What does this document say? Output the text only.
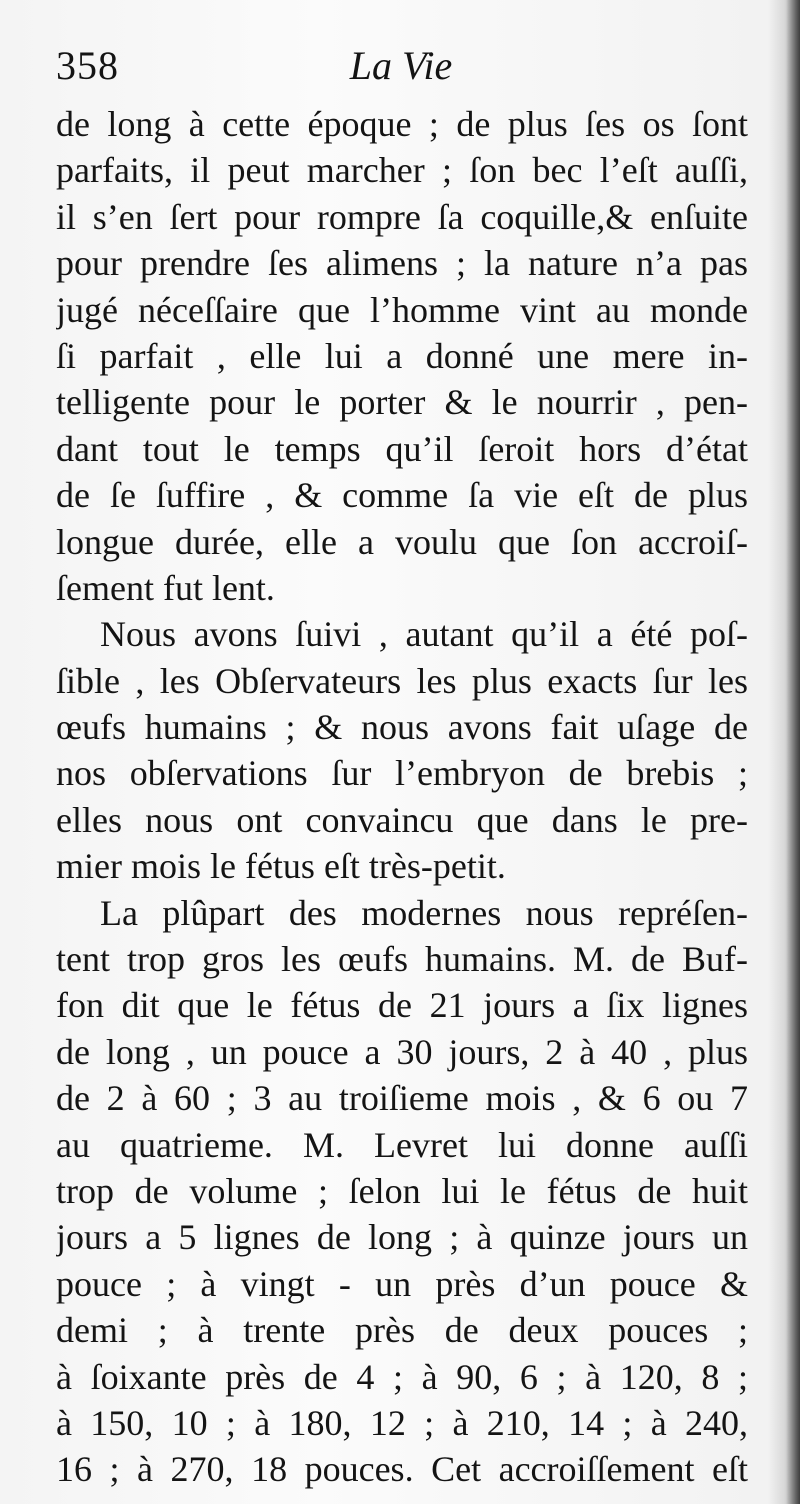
358	La Vie
de long à cette époque ; de plus ſes os ſont
parfaits, il peut marcher ; ſon bec l’eſt auſſi,
il s’en ſert pour rompre ſa coquille,& enſuite
pour prendre ſes alimens ; la nature n’a pas
jugé néceſſaire que l’homme vint au monde
ſi parfait , elle lui a donné une mere in-
telligente pour le porter & le nourrir , pen-
dant tout le temps qu’il ſeroit hors d’état
de ſe ſuffire , & comme ſa vie eſt de plus
longue durée, elle a voulu que ſon accroiſ-
ſement fut lent.
Nous avons ſuivi , autant qu’il a été poſ-
ſible , les Obſervateurs les plus exacts ſur les
œufs humains ; & nous avons fait uſage de
nos obſervations ſur l’embryon de brebis ;
elles nous ont convaincu que dans le pre-
mier mois le fétus eſt très-petit.
La plûpart des modernes nous repréſen-
tent trop gros les œufs humains. M. de Buf-
fon dit que le fétus de 21 jours a ſix lignes
de long , un pouce a 30 jours, 2 à 40 , plus
de 2 à 60 ; 3 au troiſieme mois , & 6 ou 7
au quatrieme. M. Levret lui donne auſſi
trop de volume ; ſelon lui le fétus de huit
jours a 5 lignes de long ; à quinze jours un
pouce ; à vingt - un près d’un pouce &
demi ; à trente près de deux pouces ;
à ſoixante près de 4 ; à 90, 6 ; à 120, 8 ;
à 150, 10 ; à 180, 12 ; à 210, 14 ; à 240,
16 ; à 270, 18 pouces. Cet accroiſſement eſt
